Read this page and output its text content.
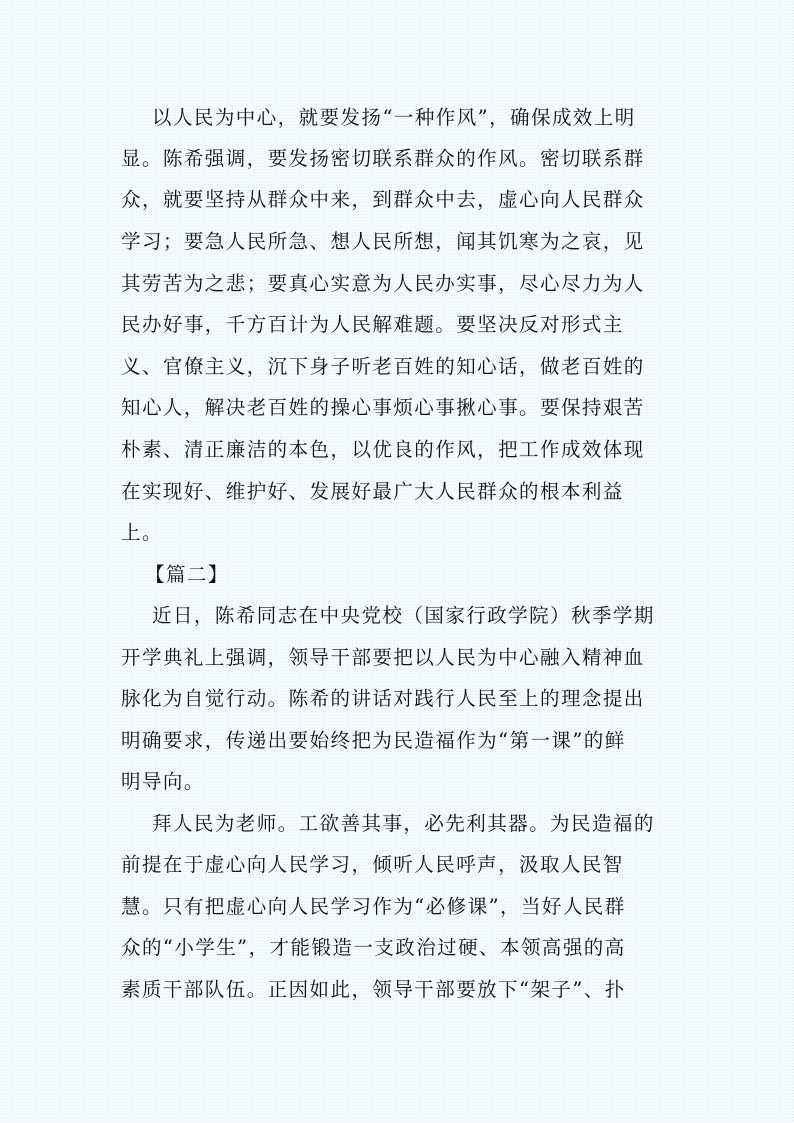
以人民为中心，就要发扬“一种作风”，确保成效上明
显。陈希强调，要发扬密切联系群众的作风。密切联系群
众，就要坚持从群众中来，到群众中去，虚心向人民群众
学习；要急人民所急、想人民所想，闻其饥寒为之哀，见
其劳苦为之悲；要真心实意为人民办实事，尽心尽力为人
民办好事，千方百计为人民解难题。要坚决反对形式主
义、官僚主义，沉下身子听老百姓的知心话，做老百姓的
知心人，解决老百姓的操心事烦心事揪心事。要保持艰苦
朴素、清正廉洁的本色，以优良的作风，把工作成效体现
在实现好、维护好、发展好最广大人民群众的根本利益
上。
【篇二】
近日，陈希同志在中央党校（国家行政学院）秋季学期
开学典礼上强调，领导干部要把以人民为中心融入精神血
脉化为自觉行动。陈希的讲话对践行人民至上的理念提出
明确要求，传递出要始终把为民造福作为“第一课”的鲜
明导向。
拜人民为老师。工欲善其事，必先利其器。为民造福的
前提在于虚心向人民学习，倾听人民呼声，汲取人民智
慧。只有把虚心向人民学习作为“必修课”，当好人民群
众的“小学生”，才能锻造一支政治过硬、本领高强的高
素质干部队伍。正因如此，领导干部要放下“架子”、扑
